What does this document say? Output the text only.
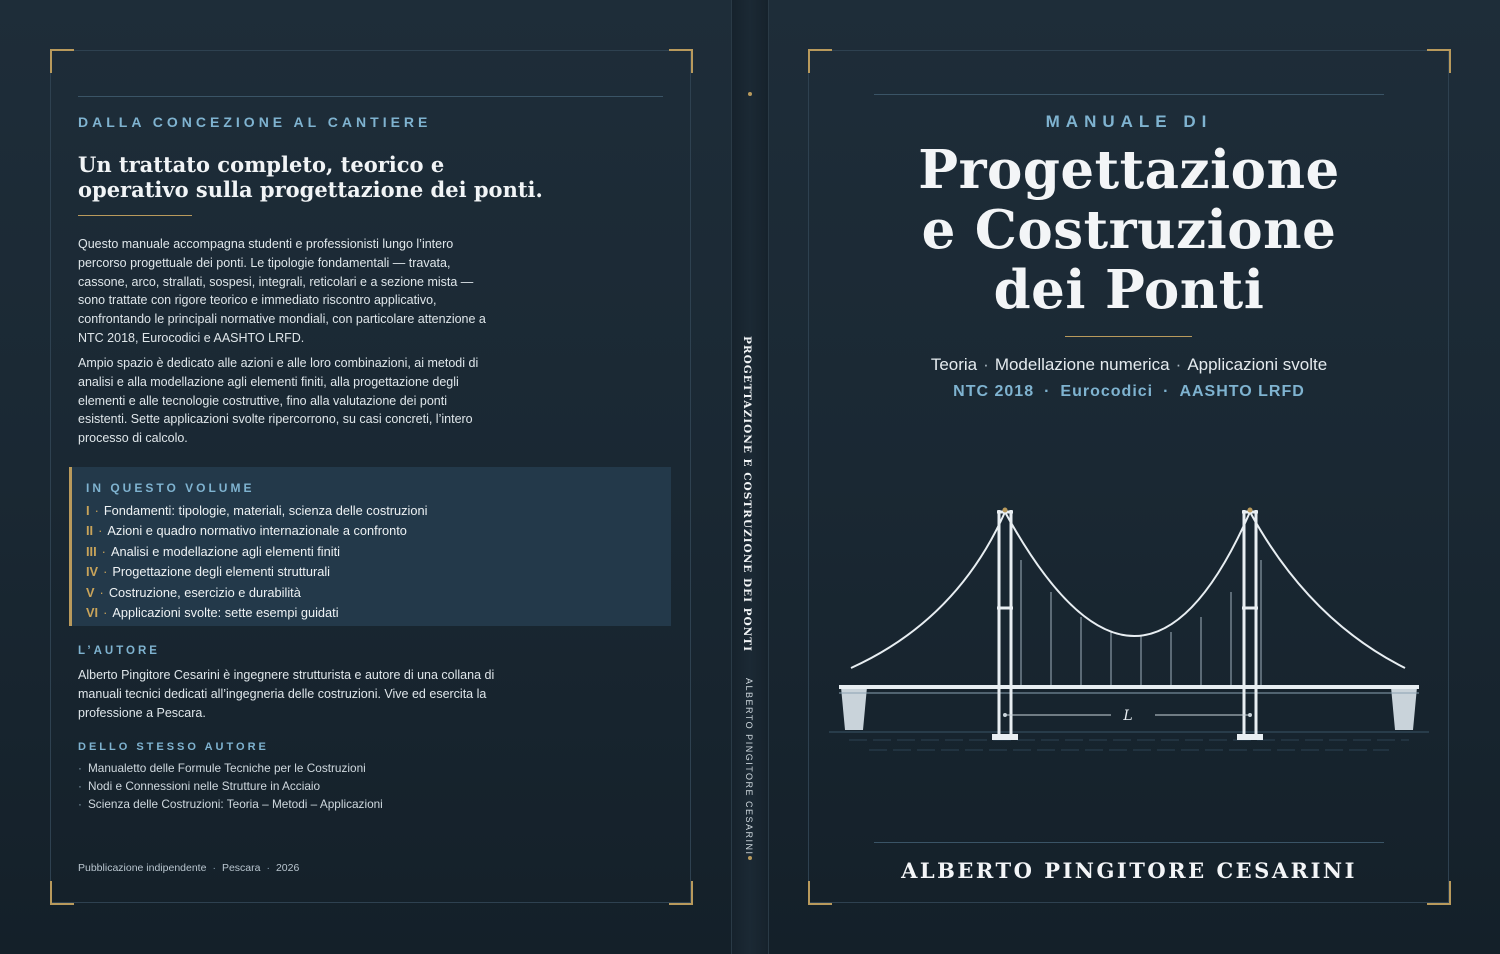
DALLA CONCEZIONE AL CANTIERE
Un trattato completo, teorico e operativo sulla progettazione dei ponti.
Questo manuale accompagna studenti e professionisti lungo l’intero percorso progettuale dei ponti. Le tipologie fondamentali — travata, cassone, arco, strallati, sospesi, integrali, reticolari e a sezione mista — sono trattate con rigore teorico e immediato riscontro applicativo, confrontando le principali normative mondiali, con particolare attenzione a NTC 2018, Eurocodici e AASHTO LRFD.
Ampio spazio è dedicato alle azioni e alle loro combinazioni, ai metodi di analisi e alla modellazione agli elementi finiti, alla progettazione degli elementi e alle tecnologie costruttive, fino alla valutazione dei ponti esistenti. Sette applicazioni svolte ripercorrono, su casi concreti, l’intero processo di calcolo.
IN QUESTO VOLUME
I · Fondamenti: tipologie, materiali, scienza delle costruzioni
II · Azioni e quadro normativo internazionale a confronto
III · Analisi e modellazione agli elementi finiti
IV · Progettazione degli elementi strutturali
V · Costruzione, esercizio e durabilità
VI · Applicazioni svolte: sette esempi guidati
L’AUTORE
Alberto Pingitore Cesarini è ingegnere strutturista e autore di una collana di manuali tecnici dedicati all’ingegneria delle costruzioni. Vive ed esercita la professione a Pescara.
DELLO STESSO AUTORE
· Manualetto delle Formule Tecniche per le Costruzioni
· Nodi e Connessioni nelle Strutture in Acciaio
· Scienza delle Costruzioni: Teoria – Metodi – Applicazioni
Pubblicazione indipendente · Pescara · 2026
PROGETTAZIONE E COSTRUZIONE DEI PONTI
ALBERTO PINGITORE CESARINI
MANUALE DI
Progettazione
e Costruzione
dei Ponti
Teoria · Modellazione numerica · Applicazioni svolte
NTC 2018 · Eurocodici · AASHTO LRFD
L
ALBERTO PINGITORE CESARINI
